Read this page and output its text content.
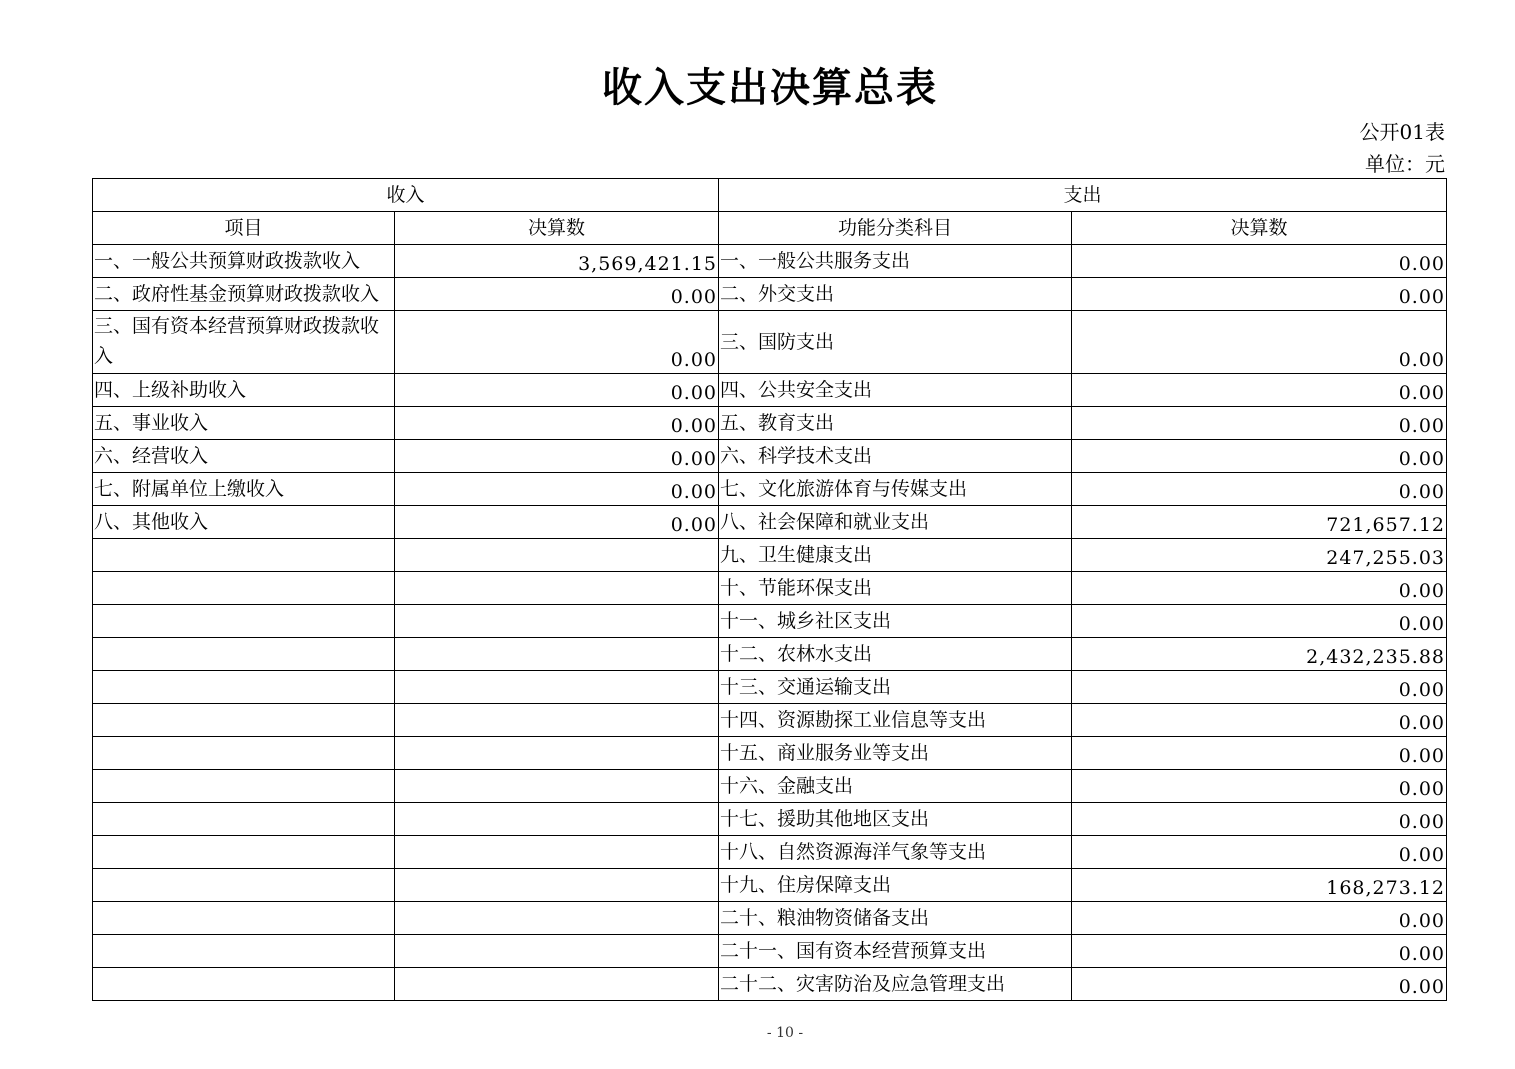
收入支出决算总表
公开01表
单位：元
收入		支出	
项目	决算数	功能分类科目	决算数
一、一般公共预算财政拨款收入	3,569,421.15	一、一般公共服务支出	0.00
二、政府性基金预算财政拨款收入	0.00	二、外交支出	0.00
三、国有资本经营预算财政拨款收入	0.00	三、国防支出	0.00
四、上级补助收入	0.00	四、公共安全支出	0.00
五、事业收入	0.00	五、教育支出	0.00
六、经营收入	0.00	六、科学技术支出	0.00
七、附属单位上缴收入	0.00	七、文化旅游体育与传媒支出	0.00
八、其他收入	0.00	八、社会保障和就业支出	721,657.12
		九、卫生健康支出	247,255.03
		十、节能环保支出	0.00
		十一、城乡社区支出	0.00
		十二、农林水支出	2,432,235.88
		十三、交通运输支出	0.00
		十四、资源勘探工业信息等支出	0.00
		十五、商业服务业等支出	0.00
		十六、金融支出	0.00
		十七、援助其他地区支出	0.00
		十八、自然资源海洋气象等支出	0.00
		十九、住房保障支出	168,273.12
		二十、粮油物资储备支出	0.00
		二十一、国有资本经营预算支出	0.00
		二十二、灾害防治及应急管理支出	0.00
- 10 -
